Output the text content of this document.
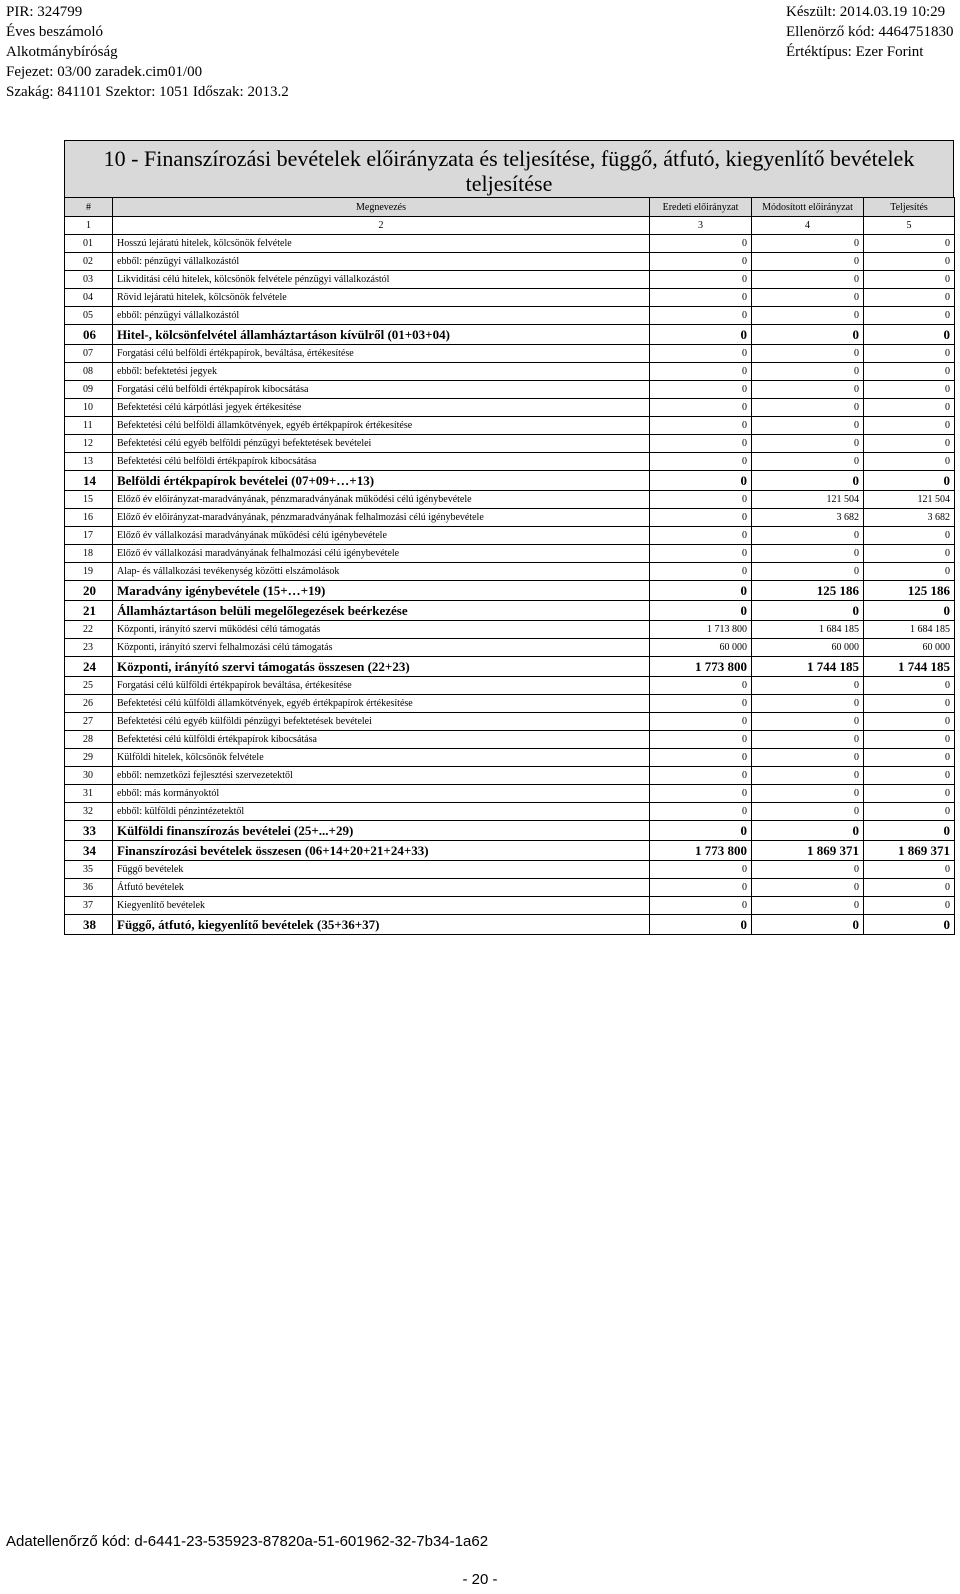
PIR: 324799
Éves beszámoló
Alkotmánybíróság
Fejezet: 03/00 zaradek.cim01/00
Szakág: 841101 Szektor: 1051 Időszak: 2013.2
Készült: 2014.03.19 10:29
Ellenörző kód: 4464751830
Értéktípus: Ezer Forint
10 - Finanszírozási bevételek előirányzata és teljesítése, függő, átfutó, kiegyenlítő bevételek teljesítése
#	Megnevezés	Eredeti előirányzat	Módosított előirányzat	Teljesítés
1	2	3	4	5
01	Hosszú lejáratú hitelek, kölcsönök felvétele	0	0	0
02	ebből: pénzügyi vállalkozástól	0	0	0
03	Likviditási célú hitelek, kölcsönök felvétele pénzügyi vállalkozástól	0	0	0
04	Rövid lejáratú hitelek, kölcsönök felvétele	0	0	0
05	ebből: pénzügyi vállalkozástól	0	0	0
06	Hitel-, kölcsönfelvétel államháztartáson kívülről (01+03+04)	0	0	0
07	Forgatási célú belföldi értékpapírok, beváltása, értékesítése	0	0	0
08	ebből: befektetési jegyek	0	0	0
09	Forgatási célú belföldi értékpapírok kibocsátása	0	0	0
10	Befektetési célú kárpótlási jegyek értékesítése	0	0	0
11	Befektetési célú belföldi államkötvények, egyéb értékpapírok értékesítése	0	0	0
12	Befektetési célú egyéb belföldi pénzügyi befektetések bevételei	0	0	0
13	Befektetési célú belföldi értékpapírok kibocsátása	0	0	0
14	Belföldi értékpapírok bevételei (07+09+…+13)	0	0	0
15	Előző év előirányzat-maradványának, pénzmaradványának működési célú igénybevétele	0	121 504	121 504
16	Előző év előirányzat-maradványának, pénzmaradványának felhalmozási célú igénybevétele	0	3 682	3 682
17	Előző év vállalkozási maradványának működési célú igénybevétele	0	0	0
18	Előző év vállalkozási maradványának felhalmozási célú igénybevétele	0	0	0
19	Alap- és vállalkozási tevékenység közötti elszámolások	0	0	0
20	Maradvány igénybevétele (15+…+19)	0	125 186	125 186
21	Államháztartáson belüli megelőlegezések beérkezése	0	0	0
22	Központi, irányító szervi működési célú támogatás	1 713 800	1 684 185	1 684 185
23	Központi, irányító szervi felhalmozási célú támogatás	60 000	60 000	60 000
24	Központi, irányító szervi támogatás összesen (22+23)	1 773 800	1 744 185	1 744 185
25	Forgatási célú külföldi értékpapírok beváltása, értékesítése	0	0	0
26	Befektetési célú külföldi államkötvények, egyéb értékpapírok értékesítése	0	0	0
27	Befektetési célú egyéb külföldi pénzügyi befektetések bevételei	0	0	0
28	Befektetési célú külföldi értékpapírok kibocsátása	0	0	0
29	Külföldi hitelek, kölcsönök felvétele	0	0	0
30	ebből: nemzetközi fejlesztési szervezetektől	0	0	0
31	ebből: más kormányoktól	0	0	0
32	ebből: külföldi pénzintézetektől	0	0	0
33	Külföldi finanszírozás bevételei (25+...+29)	0	0	0
34	Finanszírozási bevételek összesen (06+14+20+21+24+33)	1 773 800	1 869 371	1 869 371
35	Függő bevételek	0	0	0
36	Átfutó bevételek	0	0	0
37	Kiegyenlítő bevételek	0	0	0
38	Függő, átfutó, kiegyenlítő bevételek (35+36+37)	0	0	0
Adatellenőrző kód: d-6441-23-535923-87820a-51-601962-32-7b34-1a62
- 20 -
